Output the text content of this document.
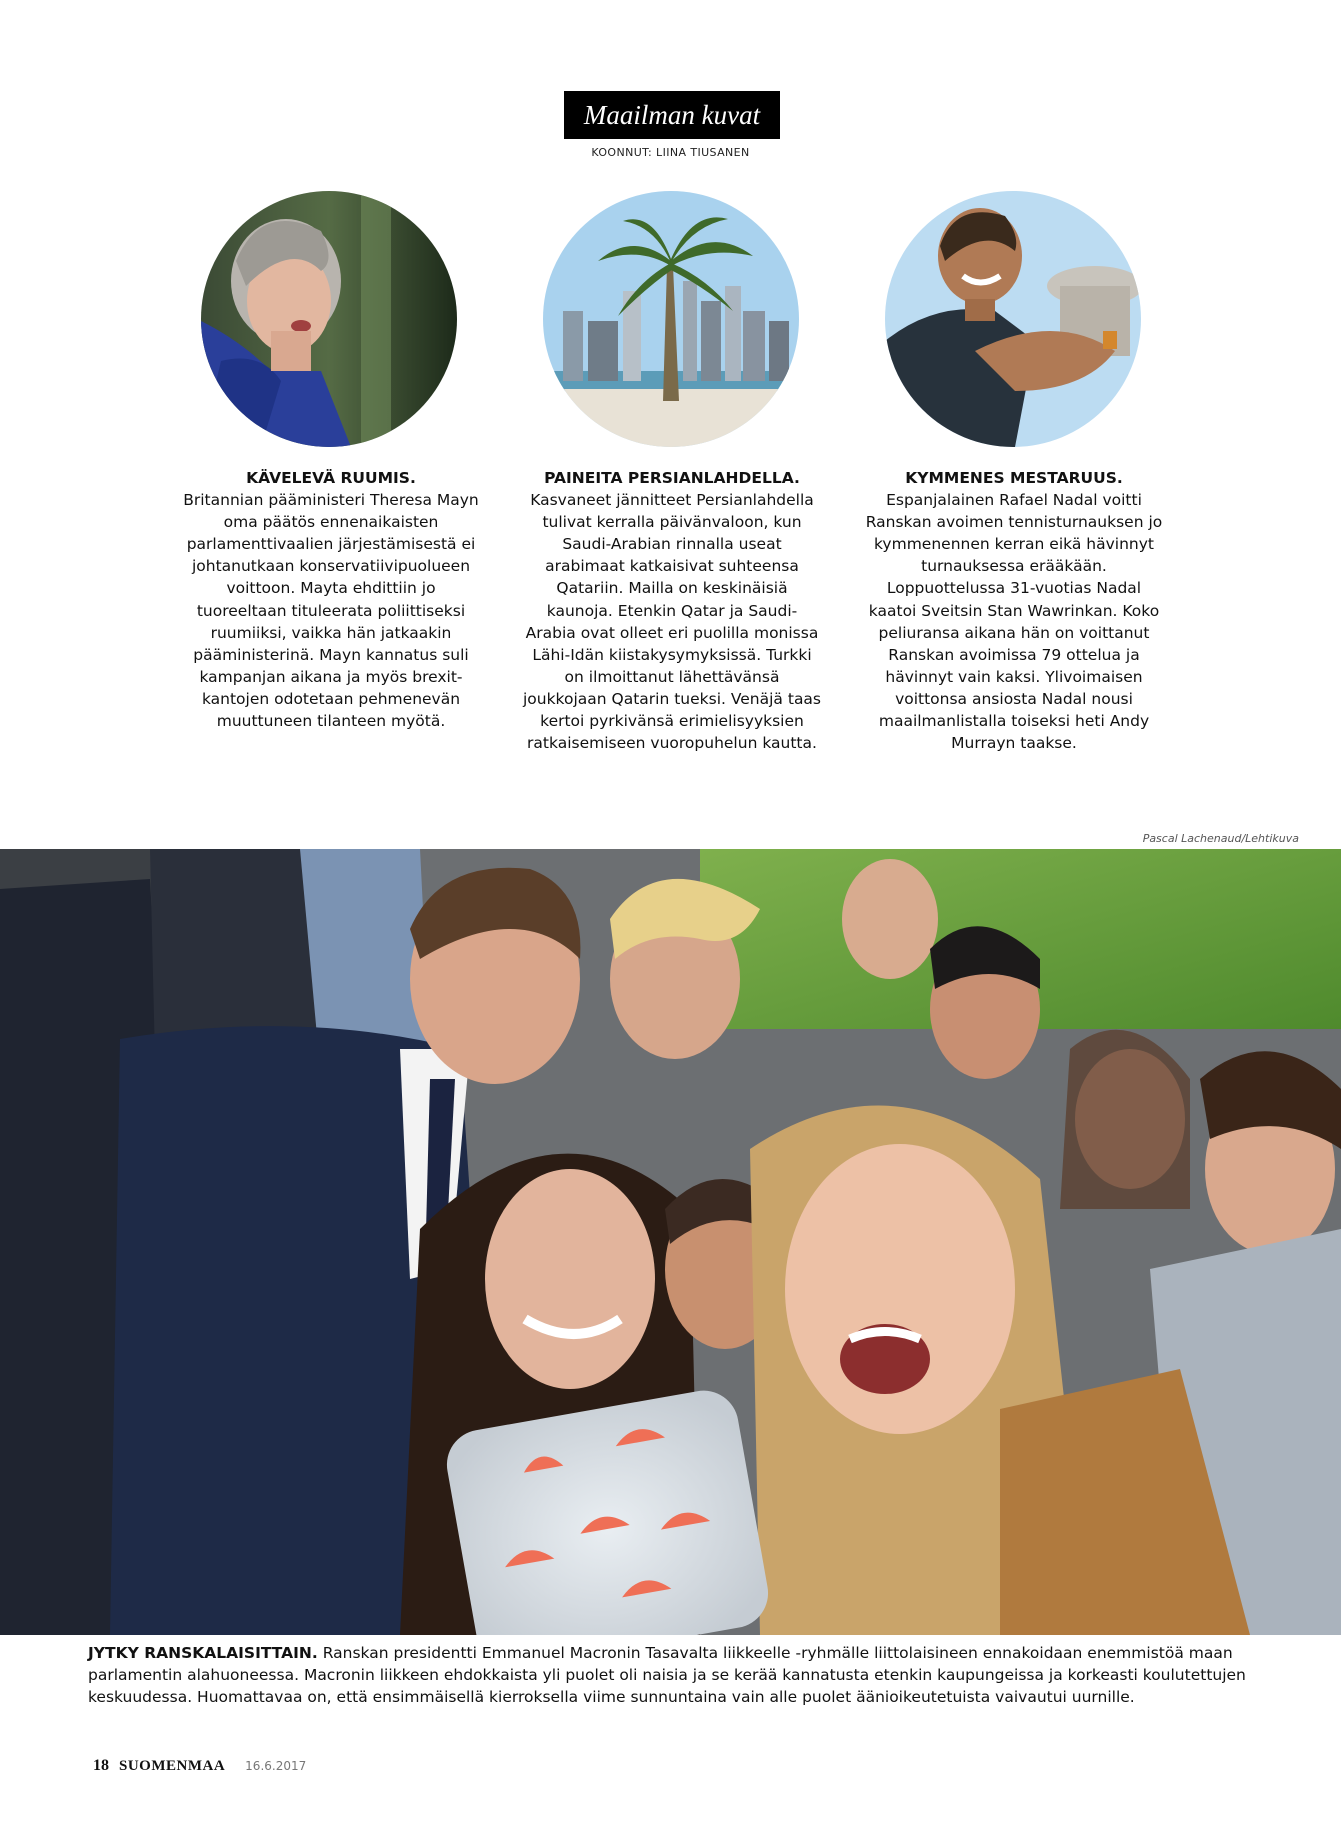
Maailman kuvat
KOONNUT: LIINA TIUSANEN
KÄVELEVÄ RUUMIS.
Britannian pääministeri Theresa Mayn oma päätös ennenaikaisten parlamenttivaalien järjestämisestä ei johtanutkaan konservatiivipuolueen voittoon. Mayta ehdittiin jo tuoreeltaan tituleerata poliittiseksi ruumiiksi, vaikka hän jatkaakin pääministerinä. Mayn kannatus suli kampanjan aikana ja myös brexit-kantojen odotetaan pehmenevän muuttuneen tilanteen myötä.
PAINEITA PERSIANLAHDELLA.
Kasvaneet jännitteet Persianlahdella tulivat kerralla päivänvaloon, kun Saudi-Arabian rinnalla useat arabimaat katkaisivat suhteensa Qatariin. Mailla on keskinäisiä kaunoja. Etenkin Qatar ja Saudi-Arabia ovat olleet eri puolilla monissa Lähi-Idän kiistakysymyksissä. Turkki on ilmoittanut lähettävänsä joukkojaan Qatarin tueksi. Venäjä taas kertoi pyrkivänsä erimielisyyksien ratkaisemiseen vuoropuhelun kautta.
KYMMENES MESTARUUS.
Espanjalainen Rafael Nadal voitti Ranskan avoimen tennisturnauksen jo kymmenennen kerran eikä hävinnyt turnauksessa erääkään. Loppuottelussa 31-vuotias Nadal kaatoi Sveitsin Stan Wawrinkan. Koko peliuransa aikana hän on voittanut Ranskan avoimissa 79 ottelua ja hävinnyt vain kaksi. Ylivoimaisen voittonsa ansiosta Nadal nousi maailmanlistalla toiseksi heti Andy Murrayn taakse.
Pascal Lachenaud/Lehtikuva
JYTKY RANSKALAISITTAIN. Ranskan presidentti Emmanuel Macronin Tasavalta liikkeelle -ryhmälle liittolaisineen ennakoidaan enemmistöä maan parlamentin alahuoneessa. Macronin liikkeen ehdokkaista yli puolet oli naisia ja se kerää kannatusta etenkin kaupungeissa ja korkeasti koulutettujen keskuudessa. Huomattavaa on, että ensimmäisellä kierroksella viime sunnuntaina vain alle puolet äänioikeutetuista vaivautui uurnille.
18 SUOMENMAA 16.6.2017
